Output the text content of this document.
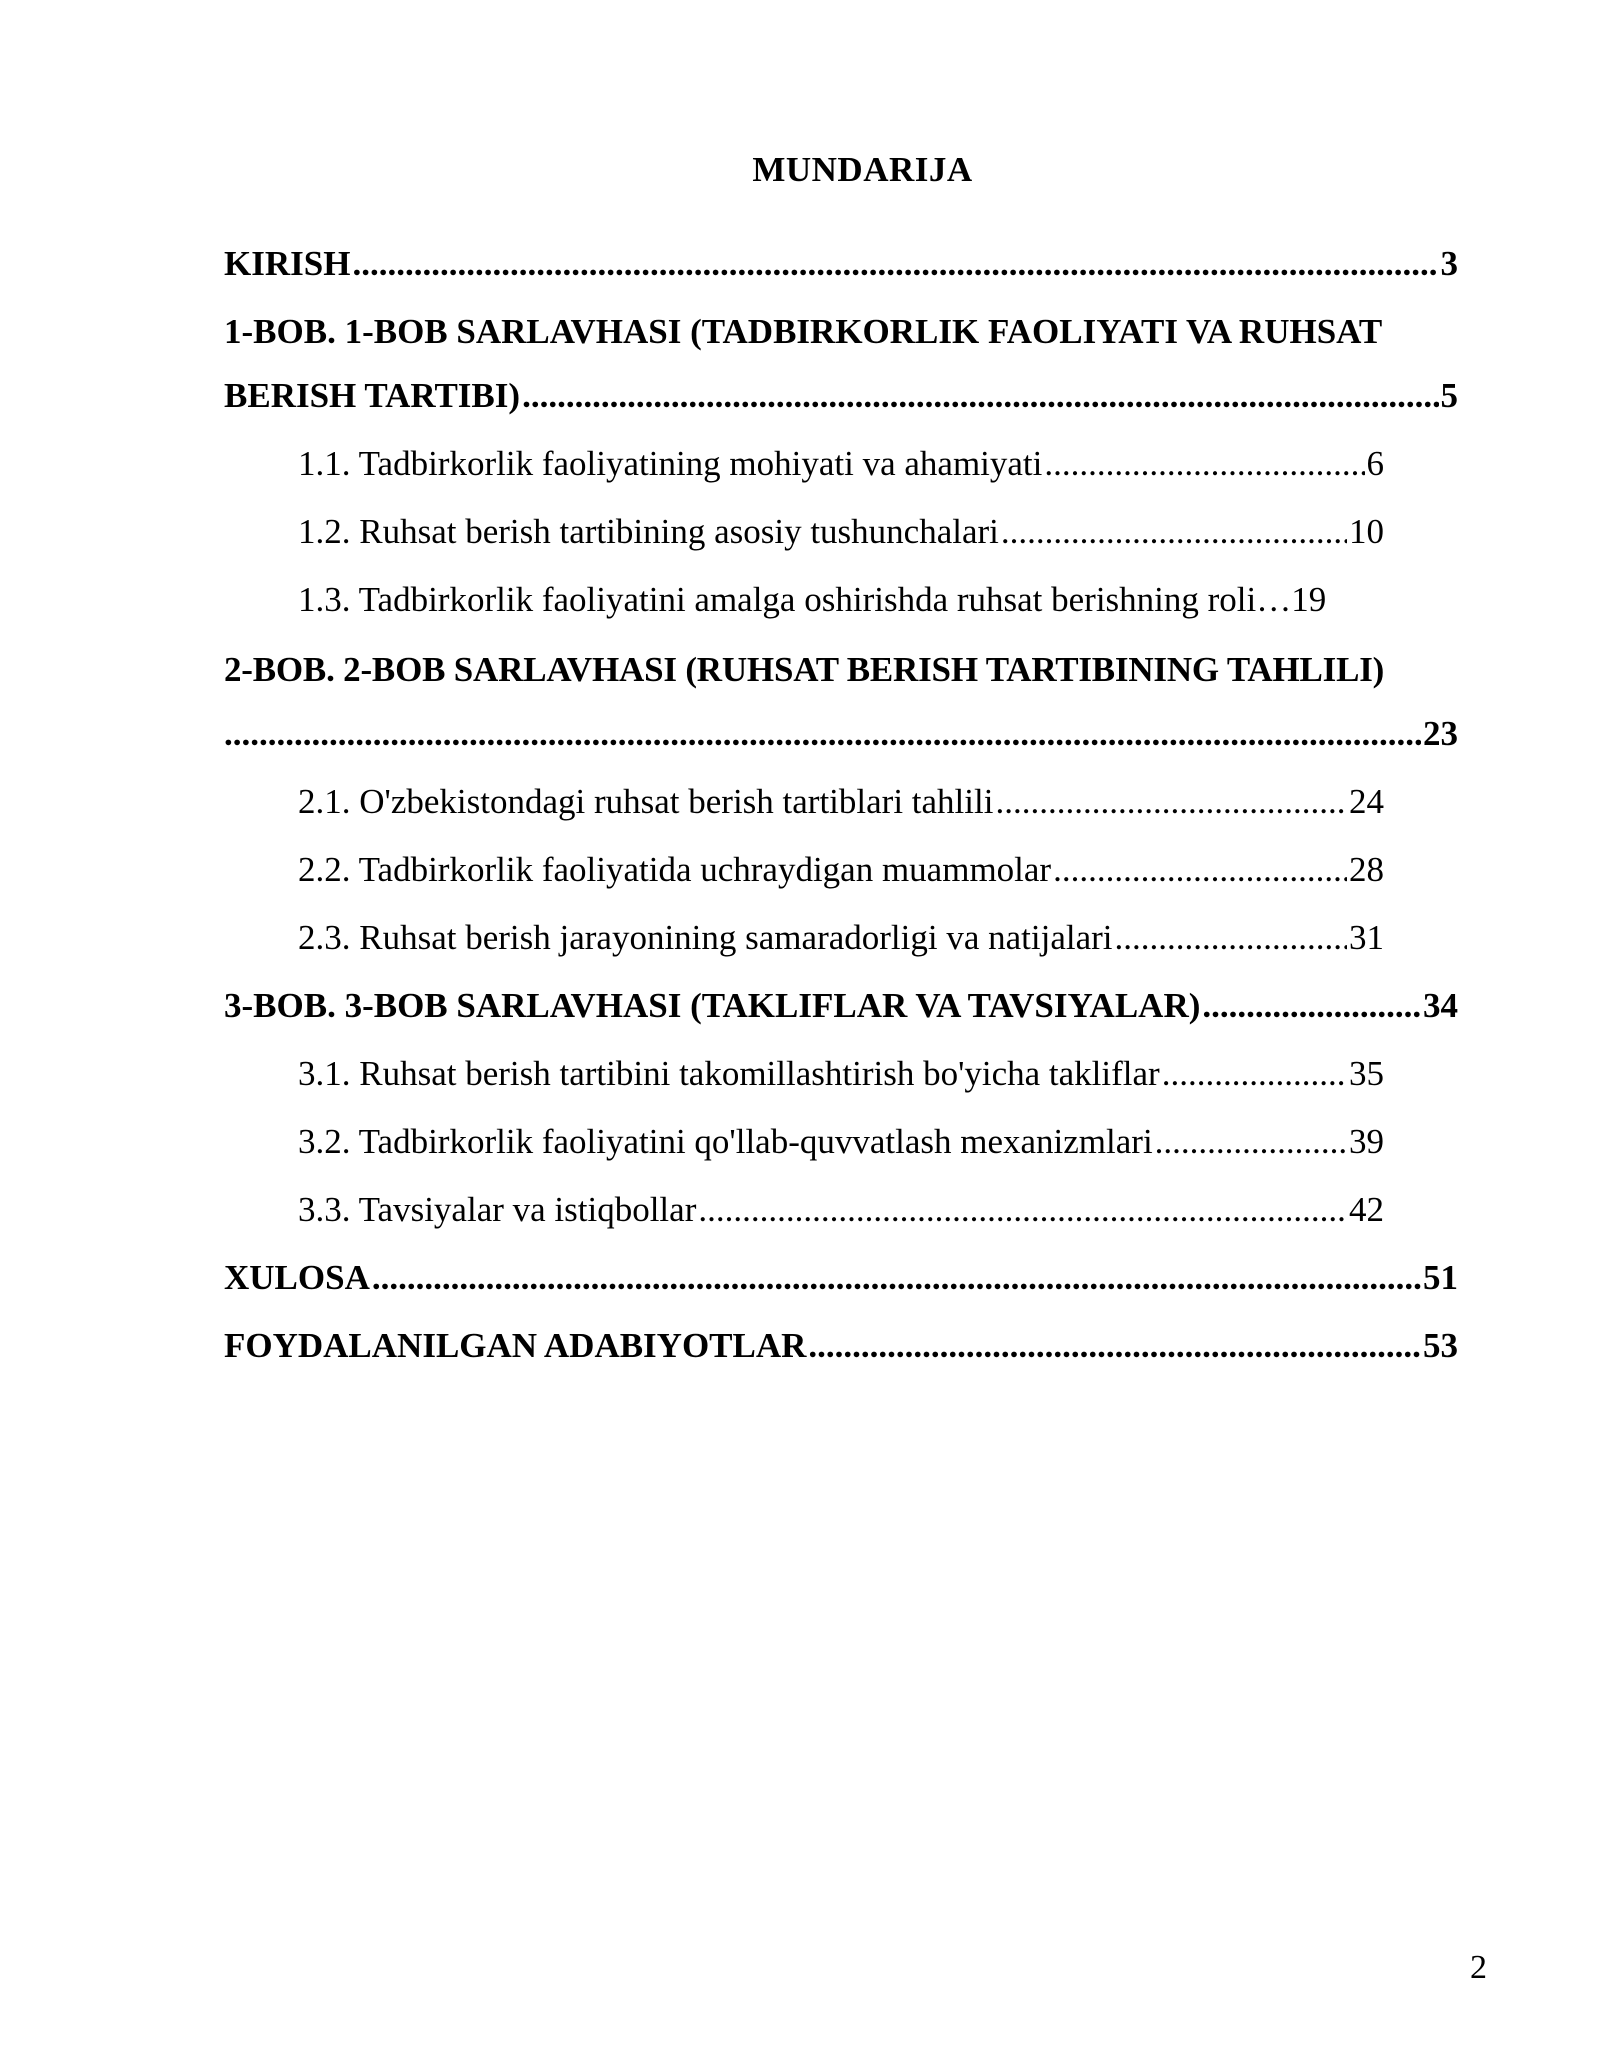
MUNDARIJA
KIRISH .....	3
1-BOB. 1-BOB SARLAVHASI (TADBIRKORLIK FAOLIYATI VA RUHSAT
BERISH TARTIBI) .....	5
1.1. Tadbirkorlik faoliyatining mohiyati va ahamiyati .....	6
1.2. Ruhsat berish tartibining asosiy tushunchalari .....	10
1.3. Tadbirkorlik faoliyatini amalga oshirishda ruhsat berishning roli…19
2-BOB. 2-BOB SARLAVHASI (RUHSAT BERISH TARTIBINING TAHLILI)
.....
23
2.1. O'zbekistondagi ruhsat berish tartiblari tahlili .....	24
2.2. Tadbirkorlik faoliyatida uchraydigan muammolar .....	28
2.3. Ruhsat berish jarayonining samaradorligi va natijalari .....	31
3-BOB. 3-BOB SARLAVHASI (TAKLIFLAR VA TAVSIYALAR) .....	34
3.1. Ruhsat berish tartibini takomillashtirish bo'yicha takliflar .....	35
3.2. Tadbirkorlik faoliyatini qo'llab-quvvatlash mexanizmlari .....	39
3.3. Tavsiyalar va istiqbollar .....	42
XULOSA .....	51
FOYDALANILGAN ADABIYOTLAR .....	53
2
